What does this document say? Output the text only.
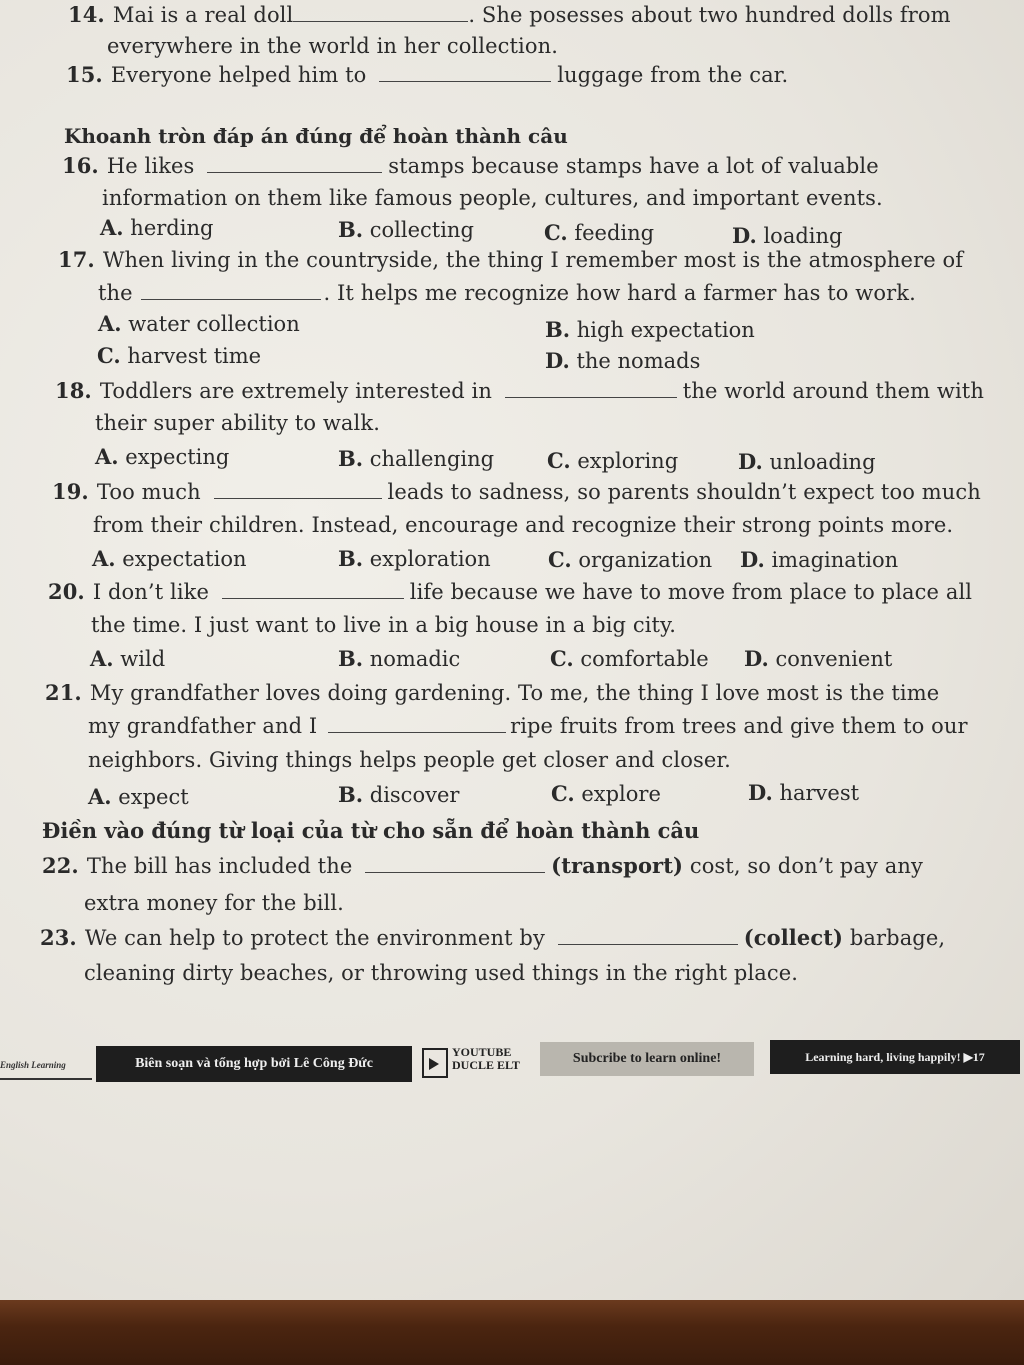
14. Mai is a real doll	. She posesses about two hundred dolls from
everywhere in the world in her collection.
15. Everyone helped him to	luggage from the car.
Khoanh tròn đáp án đúng để hoàn thành câu
16. He likes	stamps because stamps have a lot of valuable
information on them like famous people, cultures, and important events.
A. herding	B. collecting	C. feeding	D. loading
17. When living in the countryside, the thing I remember most is the atmosphere of
the	. It helps me recognize how hard a farmer has to work.
A. water collection	B. high expectation
C. harvest time	D. the nomads
18. Toddlers are extremely interested in	the world around them with
their super ability to walk.
A. expecting	B. challenging	C. exploring	D. unloading
19. Too much	leads to sadness, so parents shouldn’t expect too much
from their children. Instead, encourage and recognize their strong points more.
A. expectation	B. exploration	C. organization D. imagination
20. I don’t like	life because we have to move from place to place all
the time. I just want to live in a big house in a big city.
A. wild	B. nomadic	C. comfortable D. convenient
21. My grandfather loves doing gardening. To me, the thing I love most is the time
my grandfather and I	ripe fruits from trees and give them to our
neighbors. Giving things helps people get closer and closer.
A. expect	B. discover	C. explore	D. harvest
Điền vào đúng từ loại của từ cho sẵn để hoàn thành câu
22. The bill has included the	(transport) cost, so don’t pay any
extra money for the bill.
23. We can help to protect the environment by	(collect) barbage,
cleaning dirty beaches, or throwing used things in the right place.
English Learning	Biên soạn và tổng hợp bởi Lê Công Đức
YOUTUBE
DUCLE ELT	Subcribe to learn online!	Learning hard, living happily! ▶17
